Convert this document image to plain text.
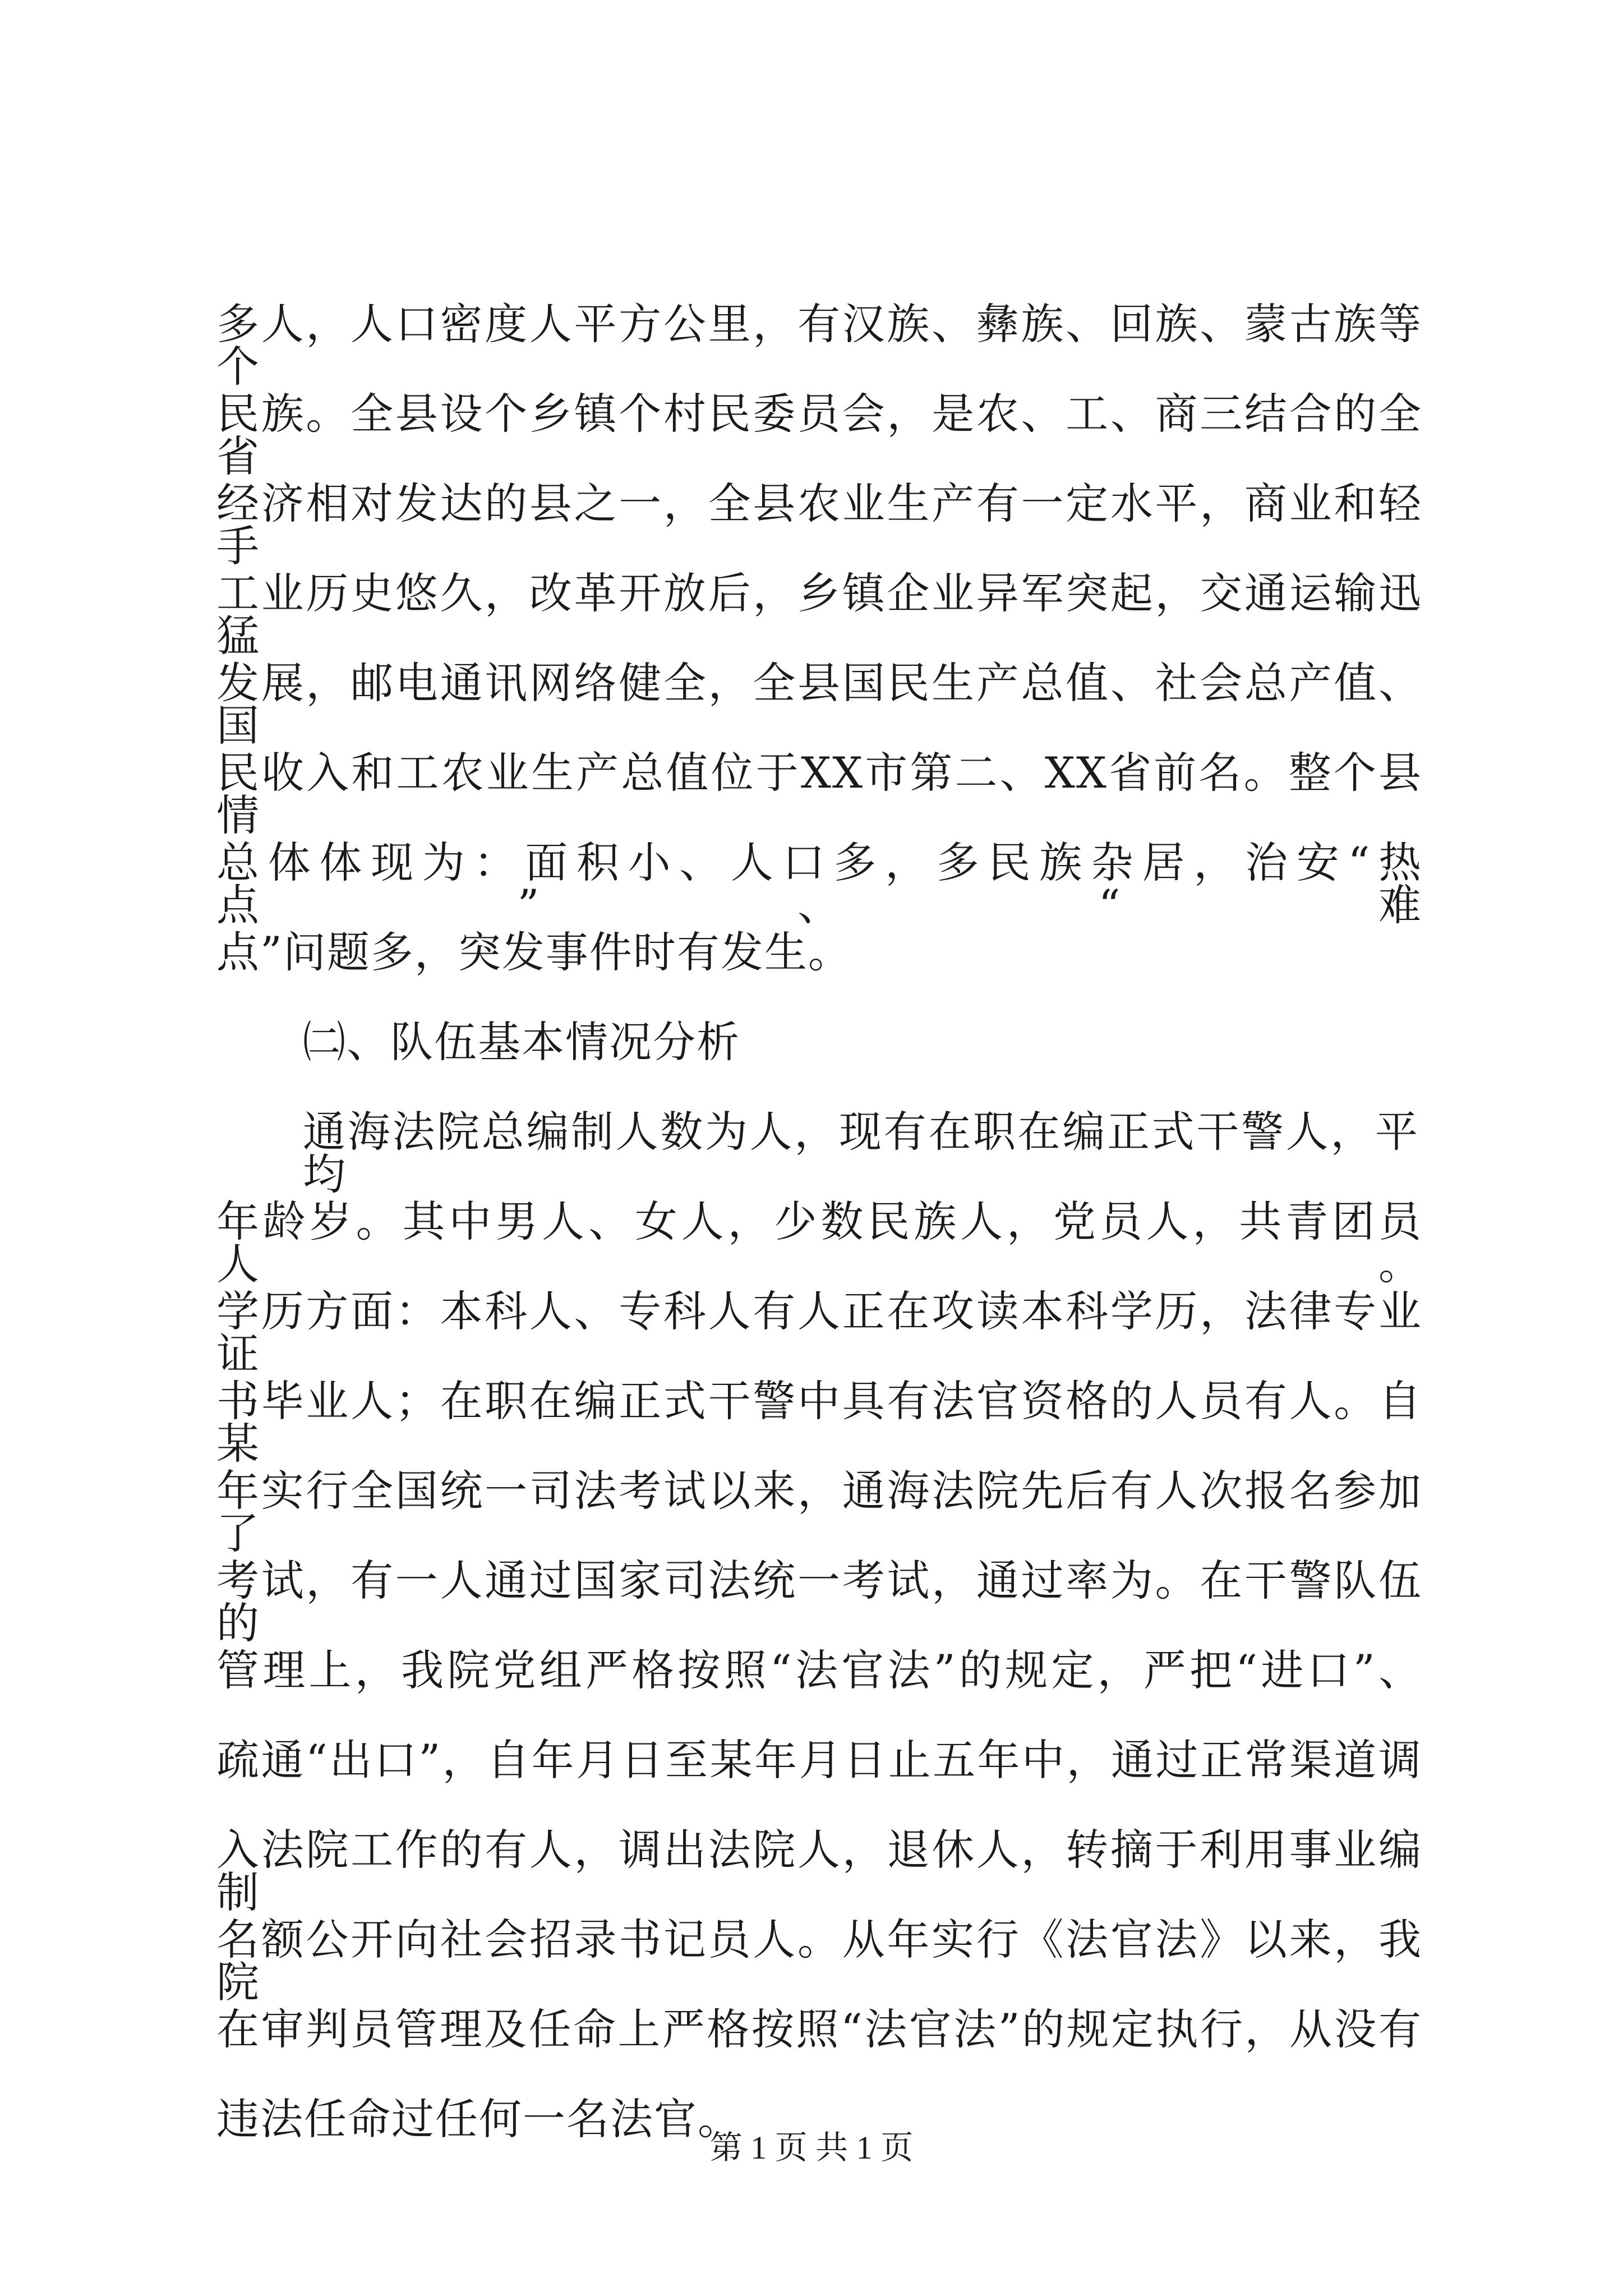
多人，人口密度人平方公里，有汉族、彝族、回族、蒙古族等个
民族。全县设个乡镇个村民委员会，是农、工、商三结合的全省
经济相对发达的县之一，全县农业生产有一定水平，商业和轻手
工业历史悠久，改革开放后，乡镇企业异军突起，交通运输迅猛
发展，邮电通讯网络健全，全县国民生产总值、社会总产值、国
民收入和工农业生产总值位于XX市第二、XX省前名。整个县情
总体体现为：面积小、人口多，多民族杂居，治安“热点”、“难
点”问题多，突发事件时有发生。
㈡、队伍基本情况分析
通海法院总编制人数为人，现有在职在编正式干警人，平均
年龄岁。其中男人、女人，少数民族人，党员人，共青团员人。
学历方面：本科人、专科人有人正在攻读本科学历，法律专业证
书毕业人；在职在编正式干警中具有法官资格的人员有人。自某
年实行全国统一司法考试以来，通海法院先后有人次报名参加了
考试，有一人通过国家司法统一考试，通过率为。在干警队伍的
管理上，我院党组严格按照“法官法”的规定，严把“进口”、
疏通“出口”，自年月日至某年月日止五年中，通过正常渠道调
入法院工作的有人，调出法院人，退休人，转摘于利用事业编制
名额公开向社会招录书记员人。从年实行《法官法》以来，我院
在审判员管理及任命上严格按照“法官法”的规定执行，从没有
违法任命过任何一名法官。
第 1 页 共 1 页
